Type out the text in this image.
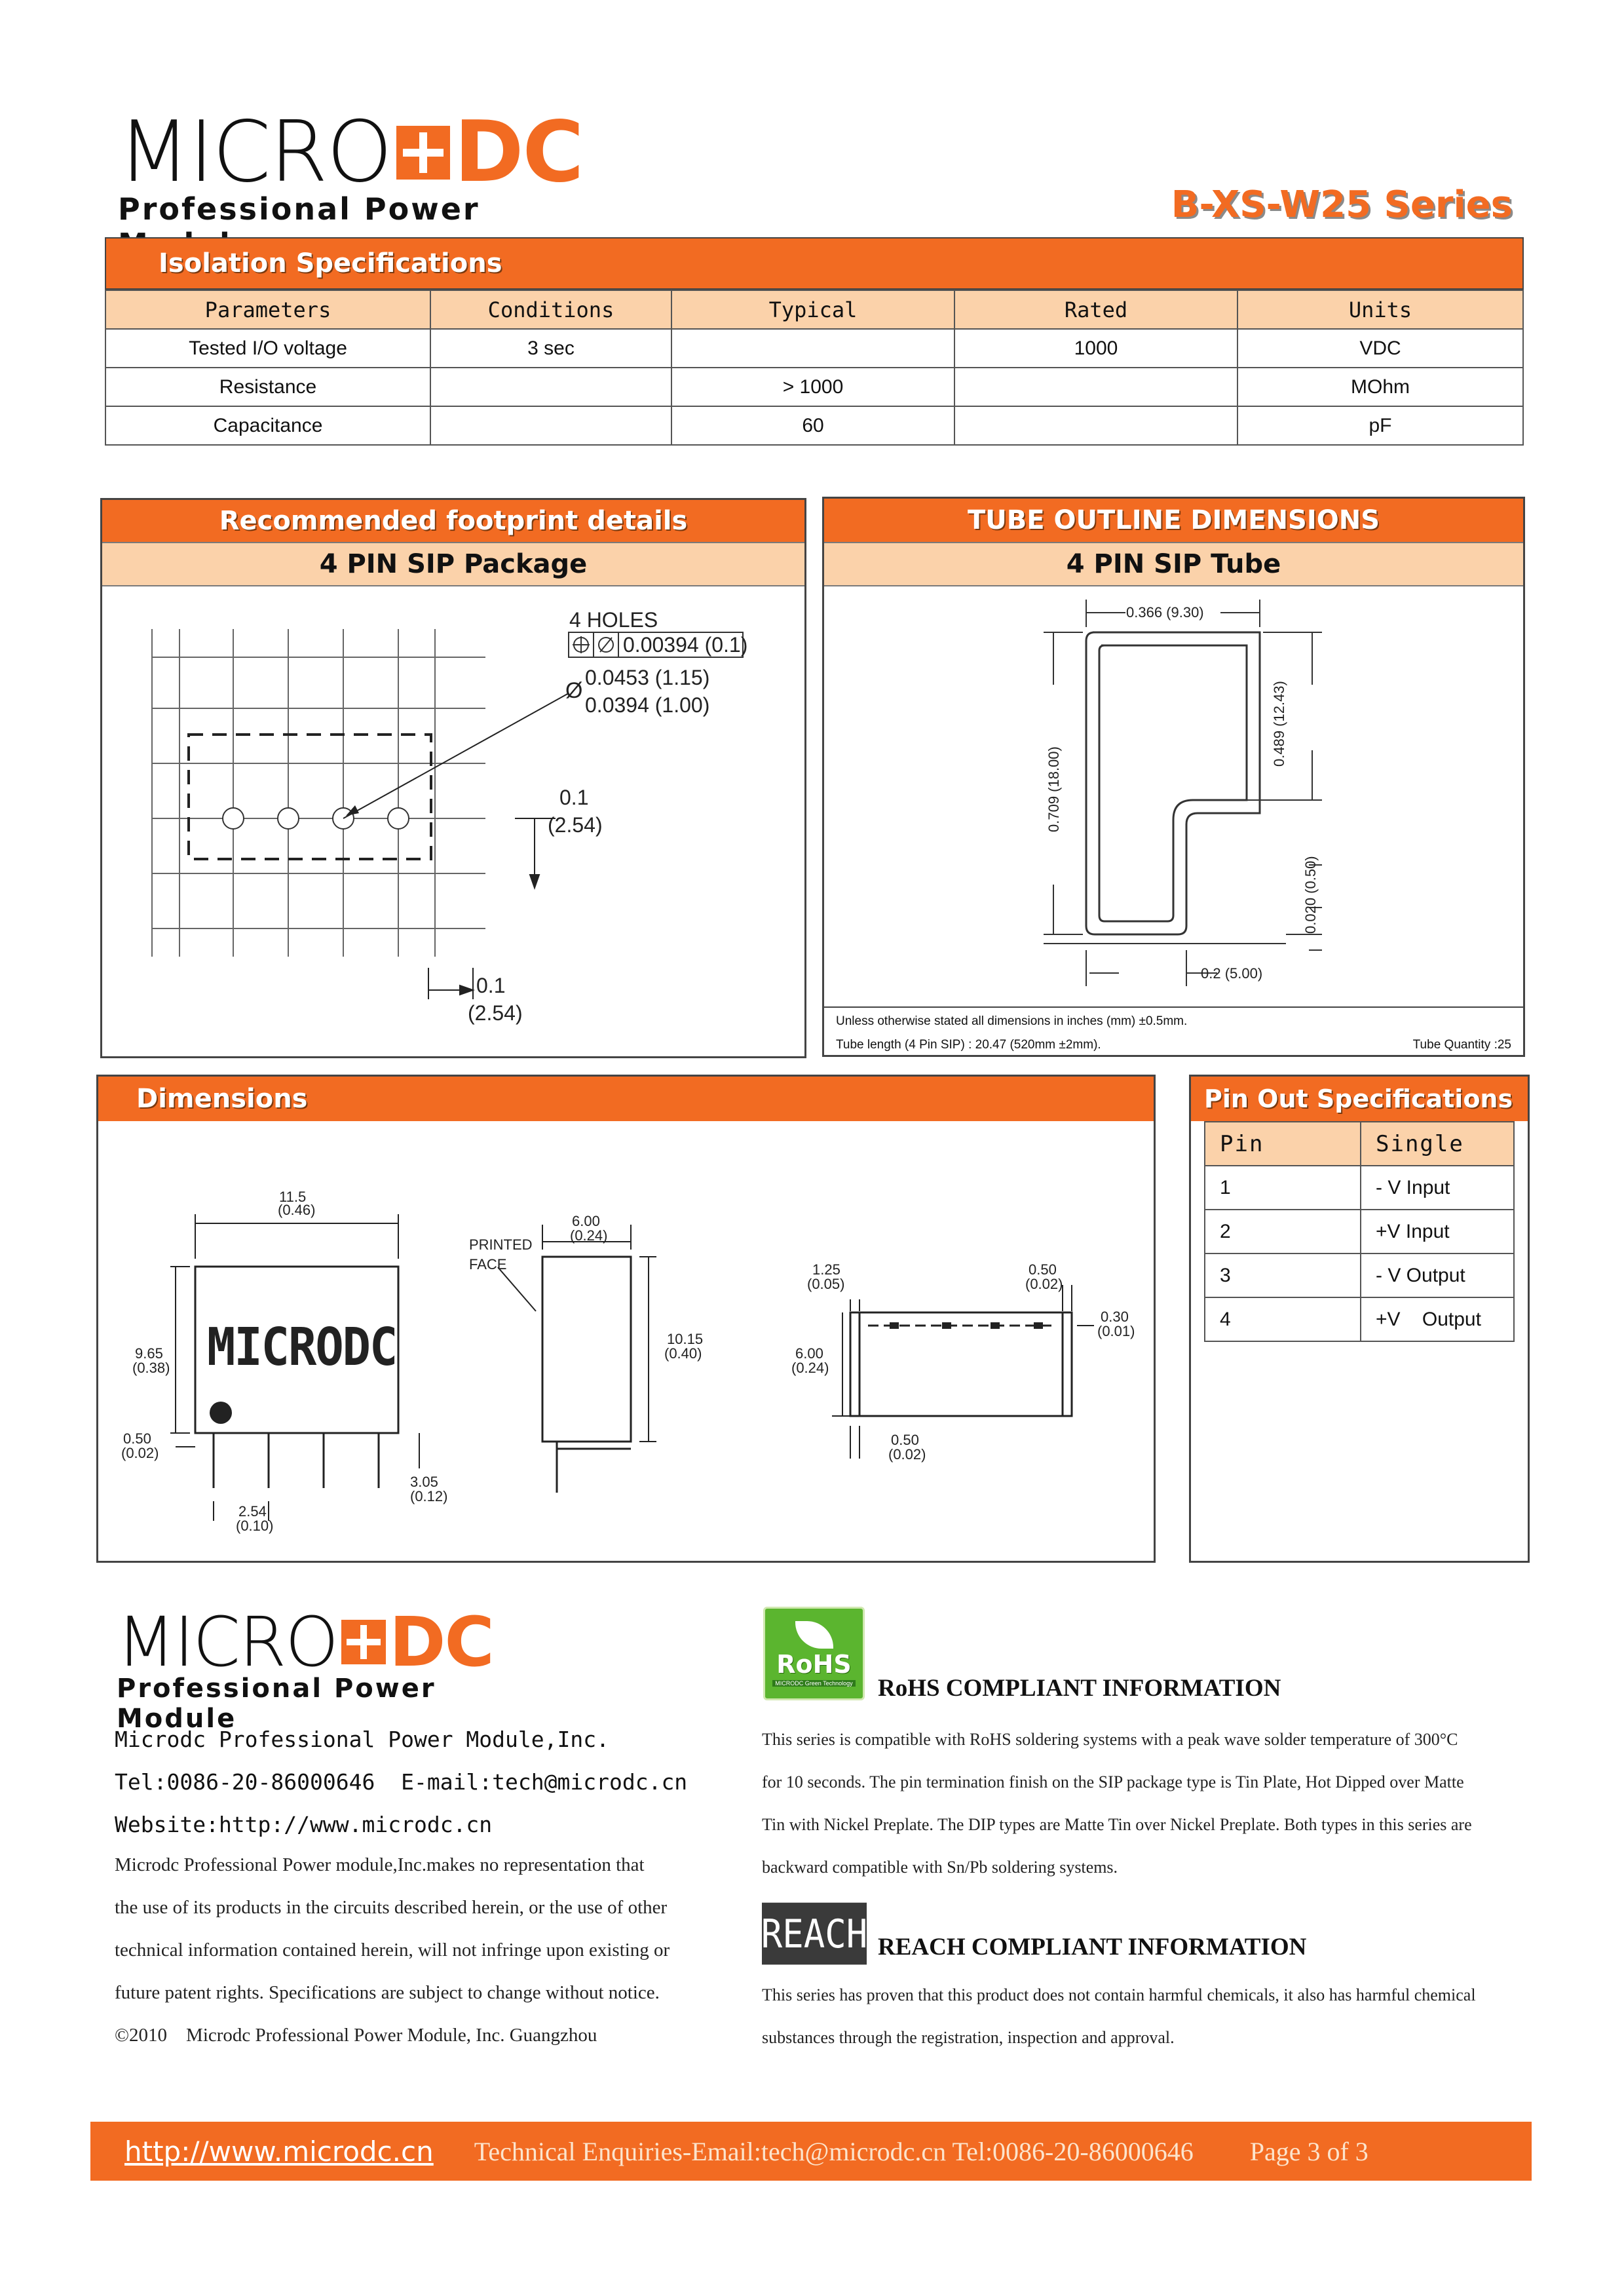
MICRO DC
Professional Power	B-XS-W25 Series
Isolation Specifications
Parameters	Conditions	Typical	Rated	Units
Tested I/O voltage	3 sec		1000	VDC
Resistance		> 1000		MOhm
Capacitance		60		pF
Recommended footprint details
4 PIN SIP Package
4 HOLES
0.00394 (0.1)
Ø
0.0453 (1.15)
0.0394 (1.00)
0.1
(2.54)
0.1
(2.54)
TUBE OUTLINE DIMENSIONS
4 PIN SIP Tube
0.366 (9.30)
0.2 (5.00)
0.709 (18.00)
0.489 (12.43)
0.020 (0.50)
Unless otherwise stated all dimensions in inches (mm) ±0.5mm.
Tube length (4 Pin SIP) : 20.47 (520mm ±2mm).	Tube Quantity :25
Dimensions
MICRODC
11.5
(0.46)
9.65
(0.38)
0.50
(0.02)
3.05
(0.12)
2.54
(0.10)
6.00
(0.24)
PRINTED
FACE
10.15
(0.40)
1.25
(0.05)
0.50
(0.02)
0.30
(0.01)
6.00
(0.24)
0.50
(0.02)
Pin Out Specifications
Pin	Single
1	- V Input
2	+V Input
3	- V Output
4	+V    Output
MICRO DC
Professional Power Module
Microdc Professional Power Module,Inc.
Tel:0086-20-86000646  E-mail:tech@microdc.cn
Website:http://www.microdc.cn
Microdc Professional Power module,Inc.makes no representation that
the use of its products in the circuits described herein, or the use of other
technical information contained herein, will not infringe upon existing or
future patent rights. Specifications are subject to change without notice.
©2010    Microdc Professional Power Module, Inc. Guangzhou
RoHS
MICRODC Green Technology RoHS COMPLIANT INFORMATION
This series is compatible with RoHS soldering systems with a peak wave solder temperature of 300°C
for 10 seconds. The pin termination finish on the SIP package type is Tin Plate, Hot Dipped over Matte
Tin with Nickel Preplate. The DIP types are Matte Tin over Nickel Preplate. Both types in this series are
backward compatible with Sn/Pb soldering systems.
REACH REACH COMPLIANT INFORMATION
This series has proven that this product does not contain harmful chemicals, it also has harmful chemical
substances through the registration, inspection and approval.
http://www.microdc.cn Technical Enquiries-Email:tech@microdc.cn Tel:0086-20-86000646 Page 3 of 3
